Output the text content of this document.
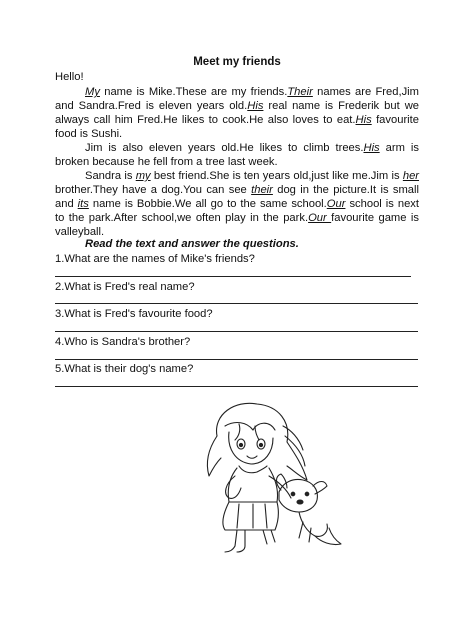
Meet my friends
Hello!
My name is Mike.These are my friends.Their names are Fred,Jim and Sandra.Fred is eleven years old.His real name is Frederik but we always call him Fred.He likes to cook.He also loves to eat.His favourite food is Sushi.
Jim is also eleven years old.He likes to climb trees.His arm is broken because he fell from a tree last week.
Sandra is my best friend.She is ten years old,just like me.Jim is her brother.They have a dog.You can see their dog in the picture.It is small and its name is Bobbie.We all go to the same school.Our school is next to the park.After school,we often play in the park.Our favourite game is valleyball.
Read the text and answer the questions.
1.What are the names of Mike's friends?
2.What is Fred's real name?
3.What is Fred's favourite food?
4.Who is Sandra's brother?
5.What is their dog's name?
